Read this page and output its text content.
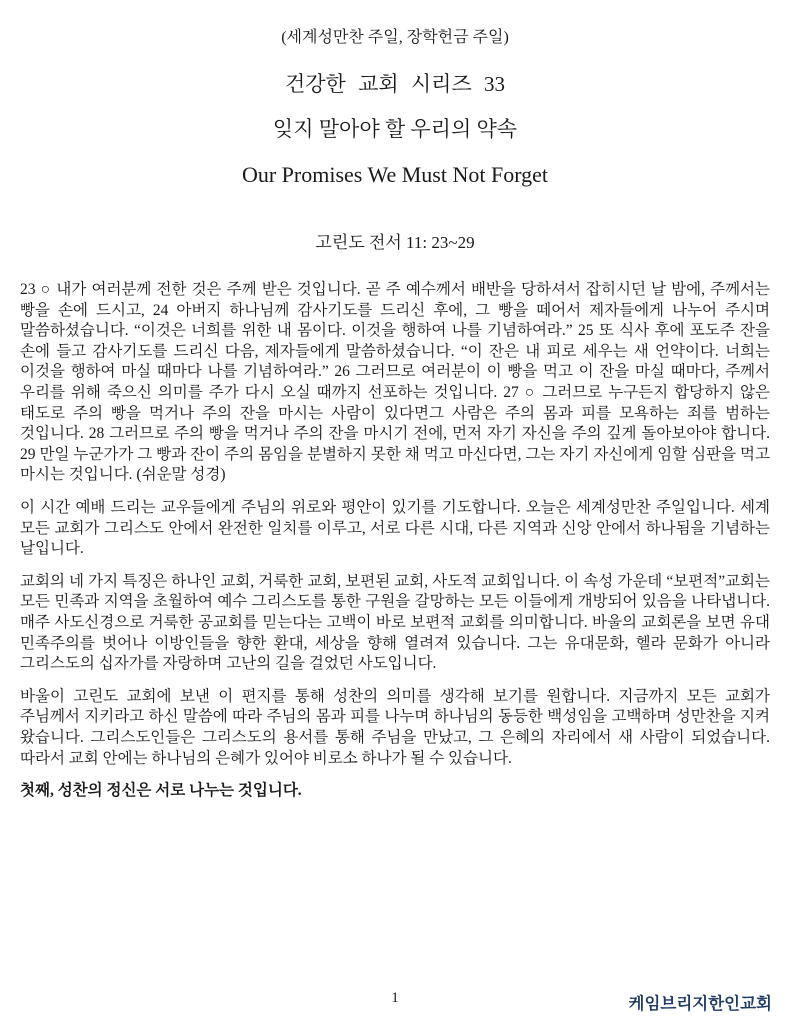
(세계성만찬 주일, 장학헌금 주일)

건강한 교회 시리즈 33
잊지 말아야 할 우리의 약속
Our Promises We Must Not Forget

고린도 전서 11: 23~29

23 ○ 내가 여러분께 전한 것은 주께 받은 것입니다. 곧 주 예수께서 배반을 당하셔서 잡히시던 날 밤에, 주께서는 빵을 손에 드시고, 24 아버지 하나님께 감사기도를 드리신 후에, 그 빵을 떼어서 제자들에게 나누어 주시며 말씀하셨습니다. “이것은 너희를 위한 내 몸이다. 이것을 행하여 나를 기념하여라.” 25 또 식사 후에 포도주 잔을 손에 들고 감사기도를 드리신 다음, 제자들에게 말씀하셨습니다. “이 잔은 내 피로 세우는 새 언약이다. 너희는 이것을 행하여 마실 때마다 나를 기념하여라.” 26 그러므로 여러분이 이 빵을 먹고 이 잔을 마실 때마다, 주께서 우리를 위해 죽으신 의미를 주가 다시 오실 때까지 선포하는 것입니다. 27 ○ 그러므로 누구든지 합당하지 않은 태도로 주의 빵을 먹거나 주의 잔을 마시는 사람이 있다면그 사람은 주의 몸과 피를 모욕하는 죄를 범하는 것입니다. 28 그러므로 주의 빵을 먹거나 주의 잔을 마시기 전에, 먼저 자기 자신을 주의 깊게 돌아보아야 합니다. 29 만일 누군가가 그 빵과 잔이 주의 몸임을 분별하지 못한 채 먹고 마신다면, 그는 자기 자신에게 임할 심판을 먹고 마시는 것입니다. (쉬운말 성경)

이 시간 예배 드리는 교우들에게 주님의 위로와 평안이 있기를 기도합니다. 오늘은 세계성만찬 주일입니다. 세계 모든 교회가 그리스도 안에서 완전한 일치를 이루고, 서로 다른 시대, 다른 지역과 신앙 안에서 하나됨을 기념하는 날입니다.

교회의 네 가지 특징은 하나인 교회, 거룩한 교회, 보편된 교회, 사도적 교회입니다. 이 속성 가운데 “보편적”교회는 모든 민족과 지역을 초월하여 예수 그리스도를 통한 구원을 갈망하는 모든 이들에게 개방되어 있음을 나타냅니다. 매주 사도신경으로 거룩한 공교회를 믿는다는 고백이 바로 보편적 교회를 의미합니다. 바울의 교회론을 보면 유대 민족주의를 벗어나 이방인들을 향한 환대, 세상을 향해 열려져 있습니다. 그는 유대문화, 헬라 문화가 아니라 그리스도의 십자가를 자랑하며 고난의 길을 걸었던 사도입니다.

바울이 고린도 교회에 보낸 이 편지를 통해 성찬의 의미를 생각해 보기를 원합니다. 지금까지 모든 교회가 주님께서 지키라고 하신 말씀에 따라 주님의 몸과 피를 나누며 하나님의 동등한 백성임을 고백하며 성만찬을 지켜 왔습니다. 그리스도인들은 그리스도의 용서를 통해 주님을 만났고, 그 은혜의 자리에서 새 사람이 되었습니다. 따라서 교회 안에는 하나님의 은혜가 있어야 비로소 하나가 될 수 있습니다.

첫째, 성찬의 정신은 서로 나누는 것입니다.

1	케임브리지한인교회
